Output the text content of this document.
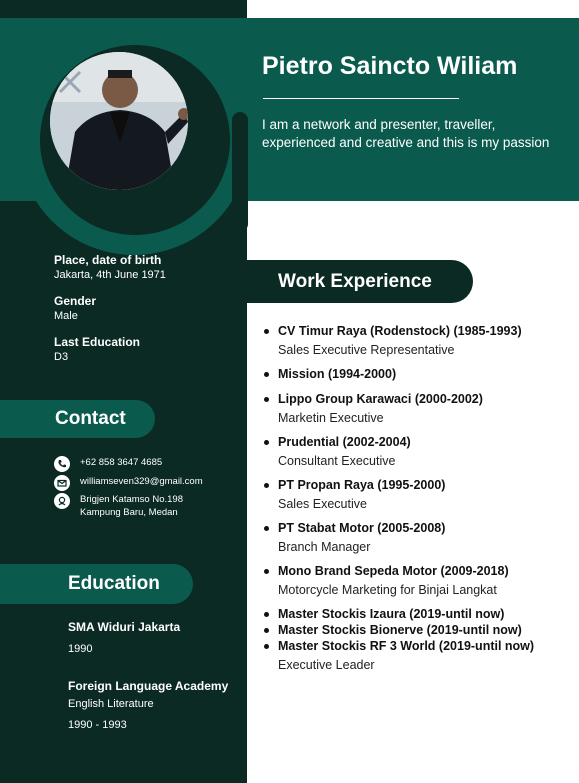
Pietro Saincto Wiliam
I am a network and presenter, traveller, experienced and creative and this is my passion
Place, date of birth
Jakarta, 4th June 1971
Gender
Male
Last Education
D3
Contact
+62 858 3647 4685
williamseven329@gmail.com
Brigjen Katamso No.198
Kampung Baru, Medan
Education
SMA Widuri Jakarta
1990
Foreign Language Academy
English Literature
1990 - 1993
Work Experience
CV Timur Raya (Rodenstock) (1985-1993)
Sales Executive Representative
Mission (1994-2000)
Lippo Group Karawaci (2000-2002)
Marketin Executive
Prudential (2002-2004)
Consultant Executive
PT Propan Raya (1995-2000)
Sales Executive
PT Stabat Motor (2005-2008)
Branch Manager
Mono Brand Sepeda Motor (2009-2018)
Motorcycle Marketing for Binjai Langkat
Master Stockis Izaura (2019-until now)
Master Stockis Bionerve (2019-until now)
Master Stockis RF 3 World (2019-until now)
Executive Leader
